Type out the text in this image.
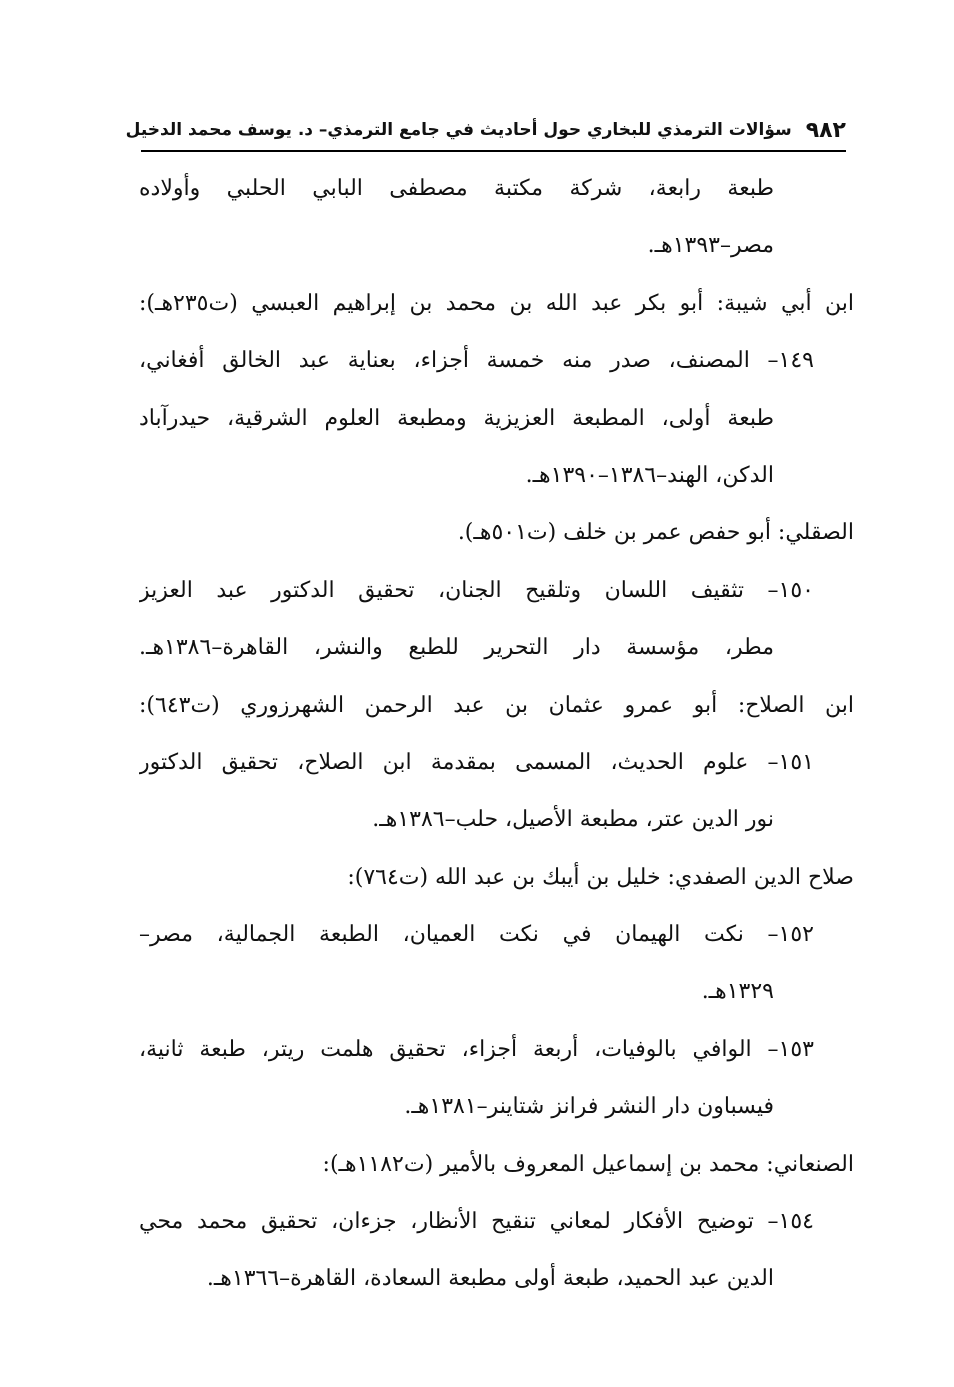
٩٨٢
سؤالات الترمذي للبخاري حول أحاديث في جامع الترمذي– د. يوسف محمد الدخيل
طبعة رابعة، شركة مكتبة مصطفى البابي الحلبي وأولاده
مصر–١٣٩٣هـ.
ابن أبي شيبة: أبو بكر عبد الله بن محمد بن إبراهيم العبسي (ت٢٣٥هـ):
١٤٩– المصنف، صدر منه خمسة أجزاء، بعناية عبد الخالق أفغاني،
طبعة أولى، المطبعة العزيزية ومطبعة العلوم الشرقية، حيدرآباد
الدكن، الهند–١٣٨٦–١٣٩٠هـ.
الصقلي: أبو حفص عمر بن خلف (ت٥٠١هـ).
١٥٠– تثقيف اللسان وتلقيح الجنان، تحقيق الدكتور عبد العزيز
مطر، مؤسسة دار التحرير للطبع والنشر، القاهرة–١٣٨٦هـ.
ابن الصلاح: أبو عمرو عثمان بن عبد الرحمن الشهرزوري (ت٦٤٣):
١٥١– علوم الحديث، المسمى بمقدمة ابن الصلاح، تحقيق الدكتور
نور الدين عتر، مطبعة الأصيل، حلب–١٣٨٦هـ.
صلاح الدين الصفدي: خليل بن أيبك بن عبد الله (ت٧٦٤):
١٥٢– نكت الهيمان في نكت العميان، الطبعة الجمالية، مصر–
١٣٢٩هـ.
١٥٣– الوافي بالوفيات، أربعة أجزاء، تحقيق هلمت ريتر، طبعة ثانية،
فيسباون دار النشر فرانز شتاينر–١٣٨١هـ.
الصنعاني: محمد بن إسماعيل المعروف بالأمير (ت١١٨٢هـ):
١٥٤– توضيح الأفكار لمعاني تنقيح الأنظار، جزءان، تحقيق محمد محي
الدين عبد الحميد، طبعة أولى مطبعة السعادة، القاهرة–١٣٦٦هـ.
